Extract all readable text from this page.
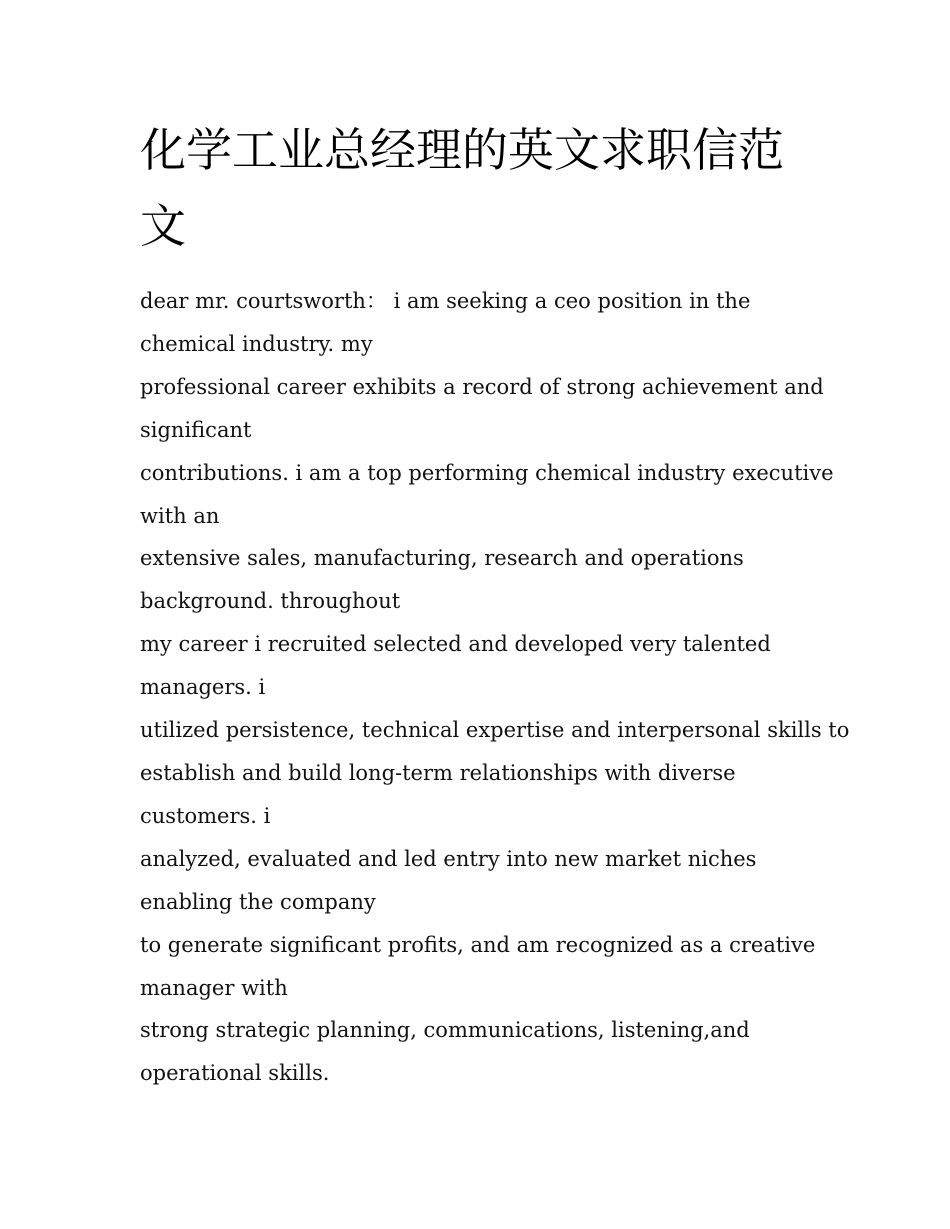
化学工业总经理的英文求职信范文
dear mr. courtsworth： i am seeking a ceo position in the
chemical industry. my
professional career exhibits a record of strong achievement and
significant
contributions. i am a top performing chemical industry executive
with an
extensive sales, manufacturing, research and operations
background. throughout
my career i recruited selected and developed very talented
managers. i
utilized persistence, technical expertise and interpersonal skills to
establish and build long-term relationships with diverse
customers. i
analyzed, evaluated and led entry into new market niches
enabling the company
to generate significant profits, and am recognized as a creative
manager with
strong strategic planning, communications, listening,and
operational skills.
